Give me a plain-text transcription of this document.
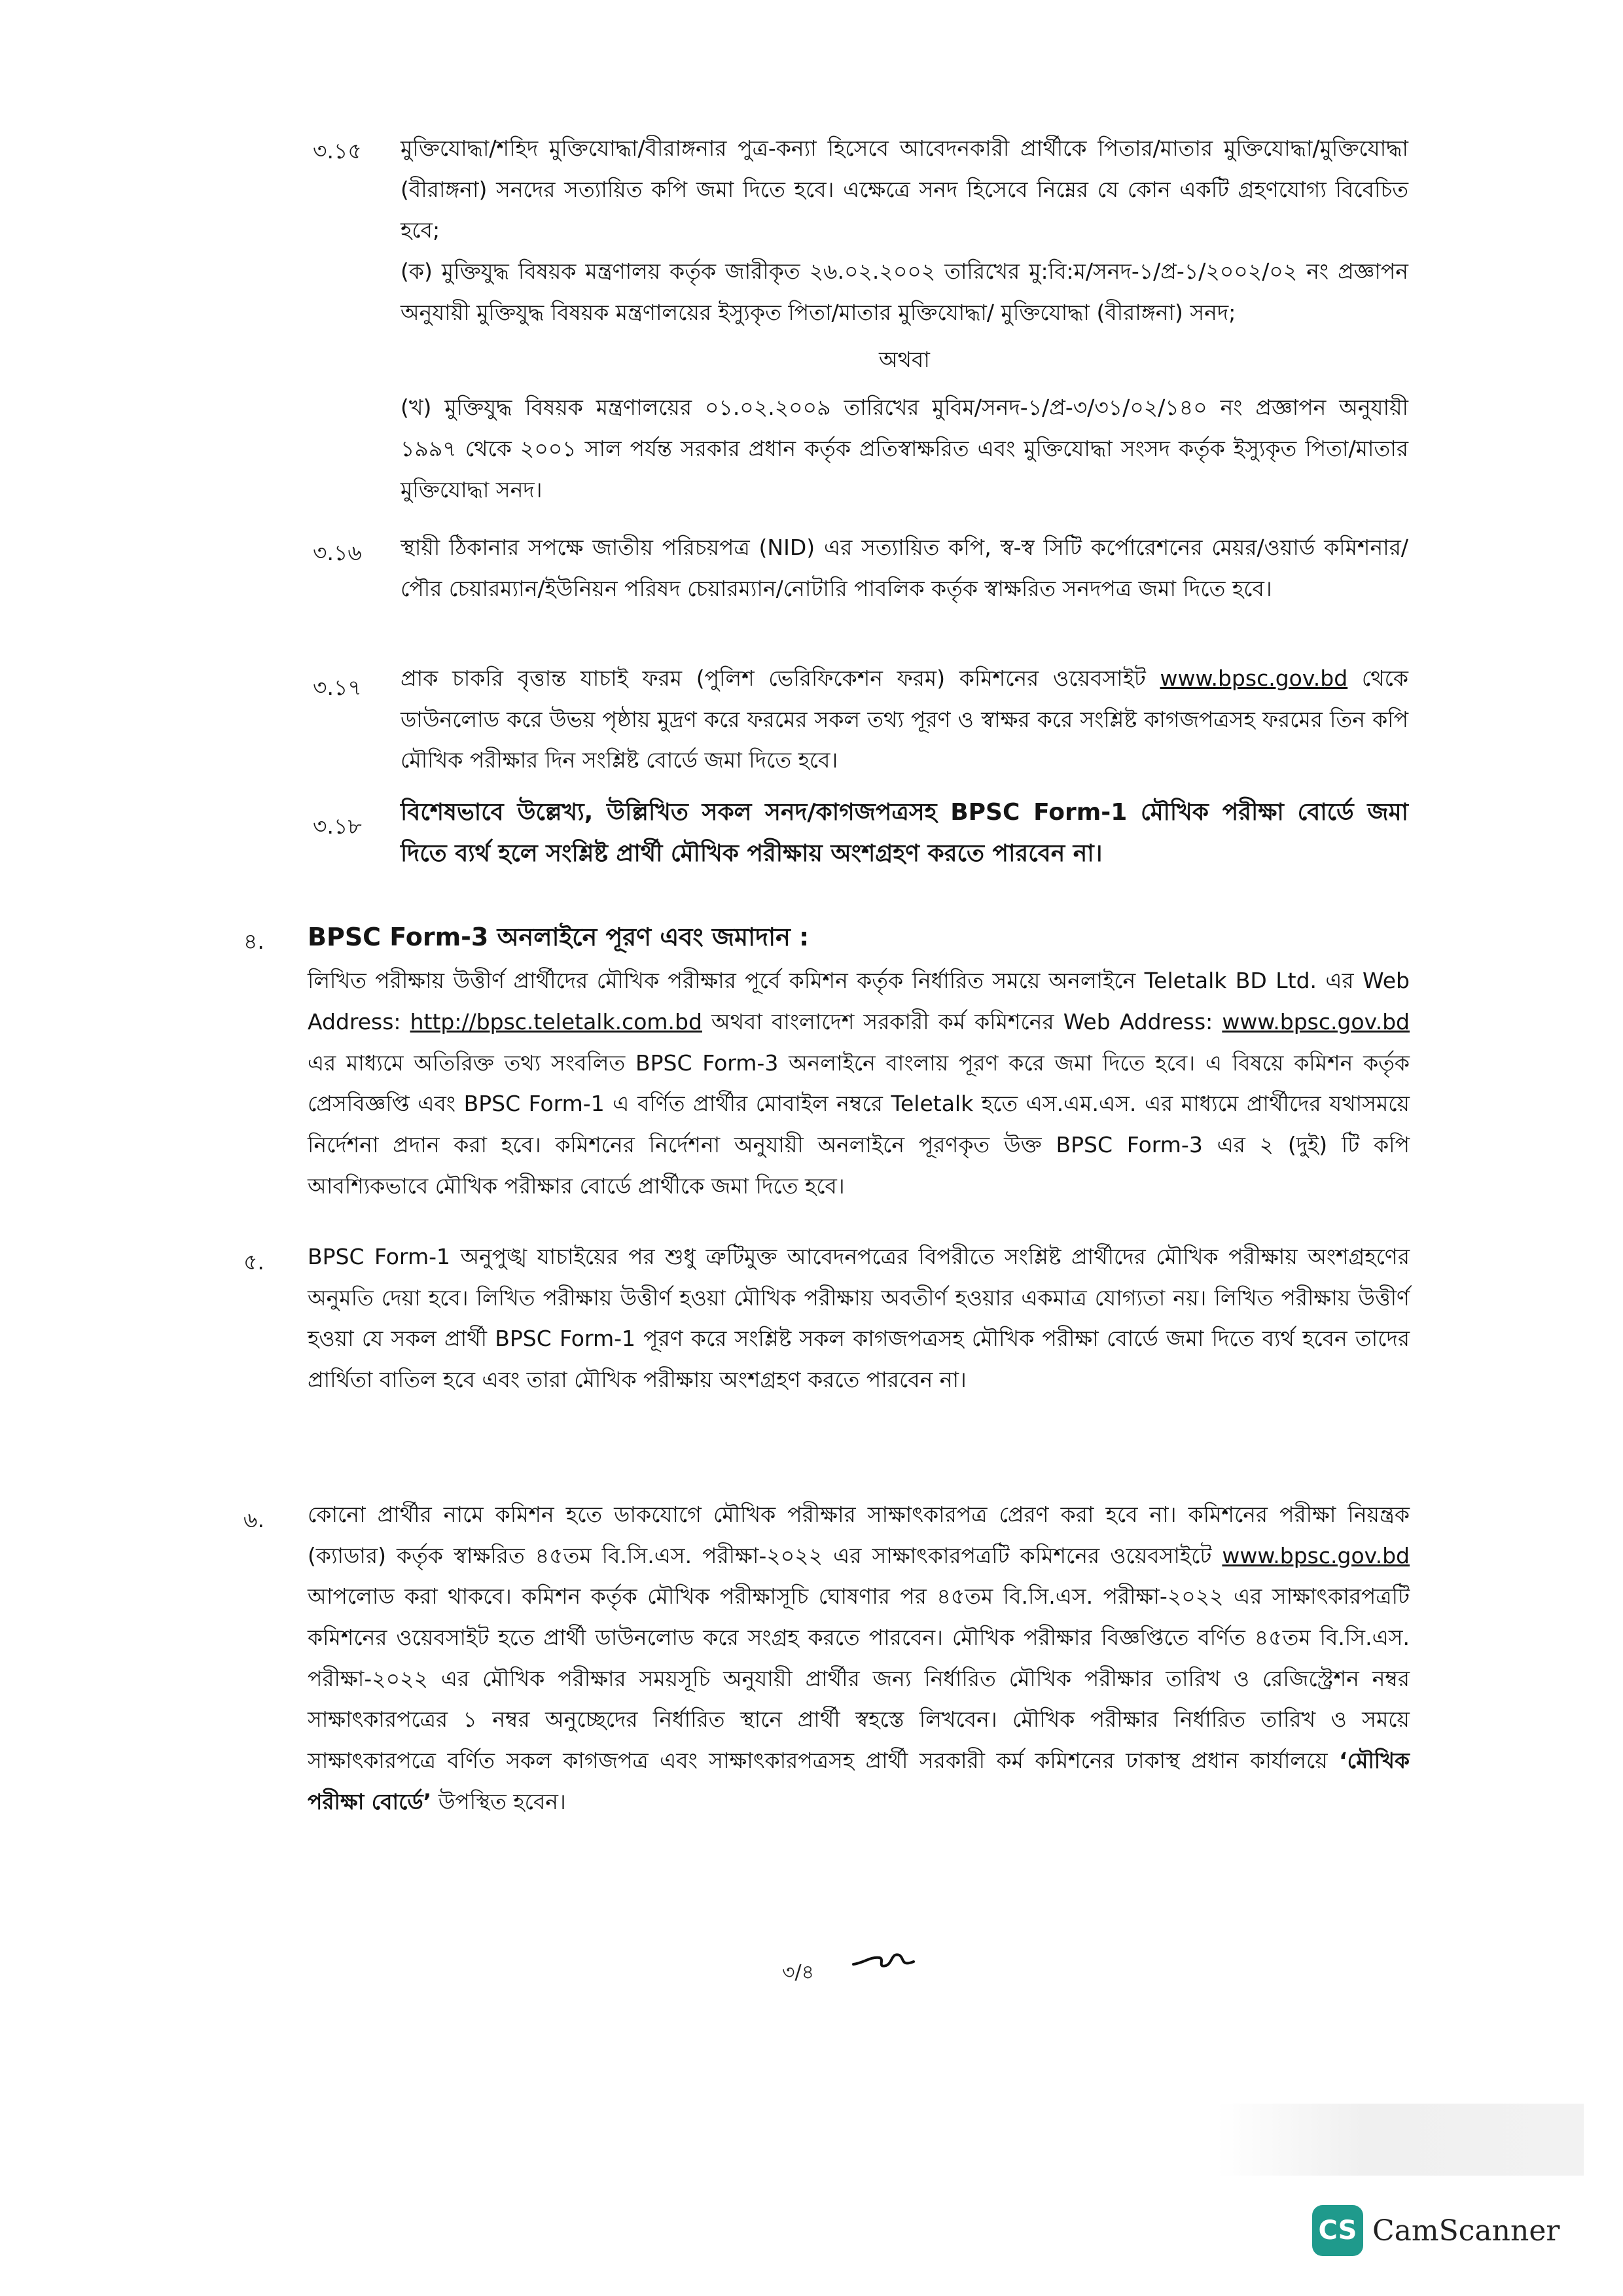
৩.১৫ মুক্তিযোদ্ধা/শহিদ মুক্তিযোদ্ধা/বীরাঙ্গনার পুত্র-কন্যা হিসেবে আবেদনকারী প্রার্থীকে পিতার/মাতার মুক্তিযোদ্ধা/মুক্তিযোদ্ধা (বীরাঙ্গনা) সনদের সত্যায়িত কপি জমা দিতে হবে। এক্ষেত্রে সনদ হিসেবে নিম্নের যে কোন একটি গ্রহণযোগ্য বিবেচিত হবে;

(ক) মুক্তিযুদ্ধ বিষয়ক মন্ত্রণালয় কর্তৃক জারীকৃত ২৬.০২.২০০২ তারিখের মু:বি:ম/সনদ-১/প্র-১/২০০২/০২ নং প্রজ্ঞাপন অনুযায়ী মুক্তিযুদ্ধ বিষয়ক মন্ত্রণালয়ের ইস্যুকৃত পিতা/মাতার মুক্তিযোদ্ধা/ মুক্তিযোদ্ধা (বীরাঙ্গনা) সনদ;

অথবা

(খ) মুক্তিযুদ্ধ বিষয়ক মন্ত্রণালয়ের ০১.০২.২০০৯ তারিখের মুবিম/সনদ-১/প্র-৩/৩১/০২/১৪০ নং প্রজ্ঞাপন অনুযায়ী ১৯৯৭ থেকে ২০০১ সাল পর্যন্ত সরকার প্রধান কর্তৃক প্রতিস্বাক্ষরিত এবং মুক্তিযোদ্ধা সংসদ কর্তৃক ইস্যুকৃত পিতা/মাতার মুক্তিযোদ্ধা সনদ।

৩.১৬ স্থায়ী ঠিকানার সপক্ষে জাতীয় পরিচয়পত্র (NID) এর সত্যায়িত কপি, স্ব-স্ব সিটি কর্পোরেশনের মেয়র/ওয়ার্ড কমিশনার/পৌর চেয়ারম্যান/ইউনিয়ন পরিষদ চেয়ারম্যান/নোটারি পাবলিক কর্তৃক স্বাক্ষরিত সনদপত্র জমা দিতে হবে।

৩.১৭ প্রাক চাকরি বৃত্তান্ত যাচাই ফরম (পুলিশ ভেরিফিকেশন ফরম) কমিশনের ওয়েবসাইট www.bpsc.gov.bd থেকে ডাউনলোড করে উভয় পৃষ্ঠায় মুদ্রণ করে ফরমের সকল তথ্য পূরণ ও স্বাক্ষর করে সংশ্লিষ্ট কাগজপত্রসহ ফরমের তিন কপি মৌখিক পরীক্ষার দিন সংশ্লিষ্ট বোর্ডে জমা দিতে হবে।

৩.১৮
বিশেষভাবে উল্লেখ্য, উল্লিখিত সকল সনদ/কাগজপত্রসহ BPSC Form-1 মৌখিক পরীক্ষা বোর্ডে জমা দিতে ব্যর্থ হলে সংশ্লিষ্ট প্রার্থী মৌখিক পরীক্ষায় অংশগ্রহণ করতে পারবেন না।
৪. BPSC Form-3 অনলাইনে পূরণ এবং জমাদান :

লিখিত পরীক্ষায় উত্তীর্ণ প্রার্থীদের মৌখিক পরীক্ষার পূর্বে কমিশন কর্তৃক নির্ধারিত সময়ে অনলাইনে Teletalk BD Ltd. এর Web Address: http://bpsc.teletalk.com.bd অথবা বাংলাদেশ সরকারী কর্ম কমিশনের Web Address: www.bpsc.gov.bd এর মাধ্যমে অতিরিক্ত তথ্য সংবলিত BPSC Form-3 অনলাইনে বাংলায় পূরণ করে জমা দিতে হবে। এ বিষয়ে কমিশন কর্তৃক প্রেসবিজ্ঞপ্তি এবং BPSC Form-1 এ বর্ণিত প্রার্থীর মোবাইল নম্বরে Teletalk হতে এস.এম.এস. এর মাধ্যমে প্রার্থীদের যথাসময়ে নির্দেশনা প্রদান করা হবে। কমিশনের নির্দেশনা অনুযায়ী অনলাইনে পূরণকৃত উক্ত BPSC Form-3 এর ২ (দুই) টি কপি আবশ্যিকভাবে মৌখিক পরীক্ষার বোর্ডে প্রার্থীকে জমা দিতে হবে।

৫. BPSC Form-1 অনুপুঙ্খ যাচাইয়ের পর শুধু ত্রুটিমুক্ত আবেদনপত্রের বিপরীতে সংশ্লিষ্ট প্রার্থীদের মৌখিক পরীক্ষায় অংশগ্রহণের অনুমতি দেয়া হবে। লিখিত পরীক্ষায় উত্তীর্ণ হওয়া মৌখিক পরীক্ষায় অবতীর্ণ হওয়ার একমাত্র যোগ্যতা নয়। লিখিত পরীক্ষায় উত্তীর্ণ হওয়া যে সকল প্রার্থী BPSC Form-1 পূরণ করে সংশ্লিষ্ট সকল কাগজপত্রসহ মৌখিক পরীক্ষা বোর্ডে জমা দিতে ব্যর্থ হবেন তাদের প্রার্থিতা বাতিল হবে এবং তারা মৌখিক পরীক্ষায় অংশগ্রহণ করতে পারবেন না।

৬. কোনো প্রার্থীর নামে কমিশন হতে ডাকযোগে মৌখিক পরীক্ষার সাক্ষাৎকারপত্র প্রেরণ করা হবে না। কমিশনের পরীক্ষা নিয়ন্ত্রক (ক্যাডার) কর্তৃক স্বাক্ষরিত ৪৫তম বি.সি.এস. পরীক্ষা-২০২২ এর সাক্ষাৎকারপত্রটি কমিশনের ওয়েবসাইটে www.bpsc.gov.bd আপলোড করা থাকবে। কমিশন কর্তৃক মৌখিক পরীক্ষাসূচি ঘোষণার পর ৪৫তম বি.সি.এস. পরীক্ষা-২০২২ এর সাক্ষাৎকারপত্রটি কমিশনের ওয়েবসাইট হতে প্রার্থী ডাউনলোড করে সংগ্রহ করতে পারবেন। মৌখিক পরীক্ষার বিজ্ঞপ্তিতে বর্ণিত ৪৫তম বি.সি.এস. পরীক্ষা-২০২২ এর মৌখিক পরীক্ষার সময়সূচি অনুযায়ী প্রার্থীর জন্য নির্ধারিত মৌখিক পরীক্ষার তারিখ ও রেজিস্ট্রেশন নম্বর সাক্ষাৎকারপত্রের ১ নম্বর অনুচ্ছেদের নির্ধারিত স্থানে প্রার্থী স্বহস্তে লিখবেন। মৌখিক পরীক্ষার নির্ধারিত তারিখ ও সময়ে সাক্ষাৎকারপত্রে বর্ণিত সকল কাগজপত্র এবং সাক্ষাৎকারপত্রসহ প্রার্থী সরকারী কর্ম কমিশনের ঢাকাস্থ প্রধান কার্যালয়ে ‘মৌখিক পরীক্ষা বোর্ডে’ উপস্থিত হবেন।

৩/৪
CS CamScanner
